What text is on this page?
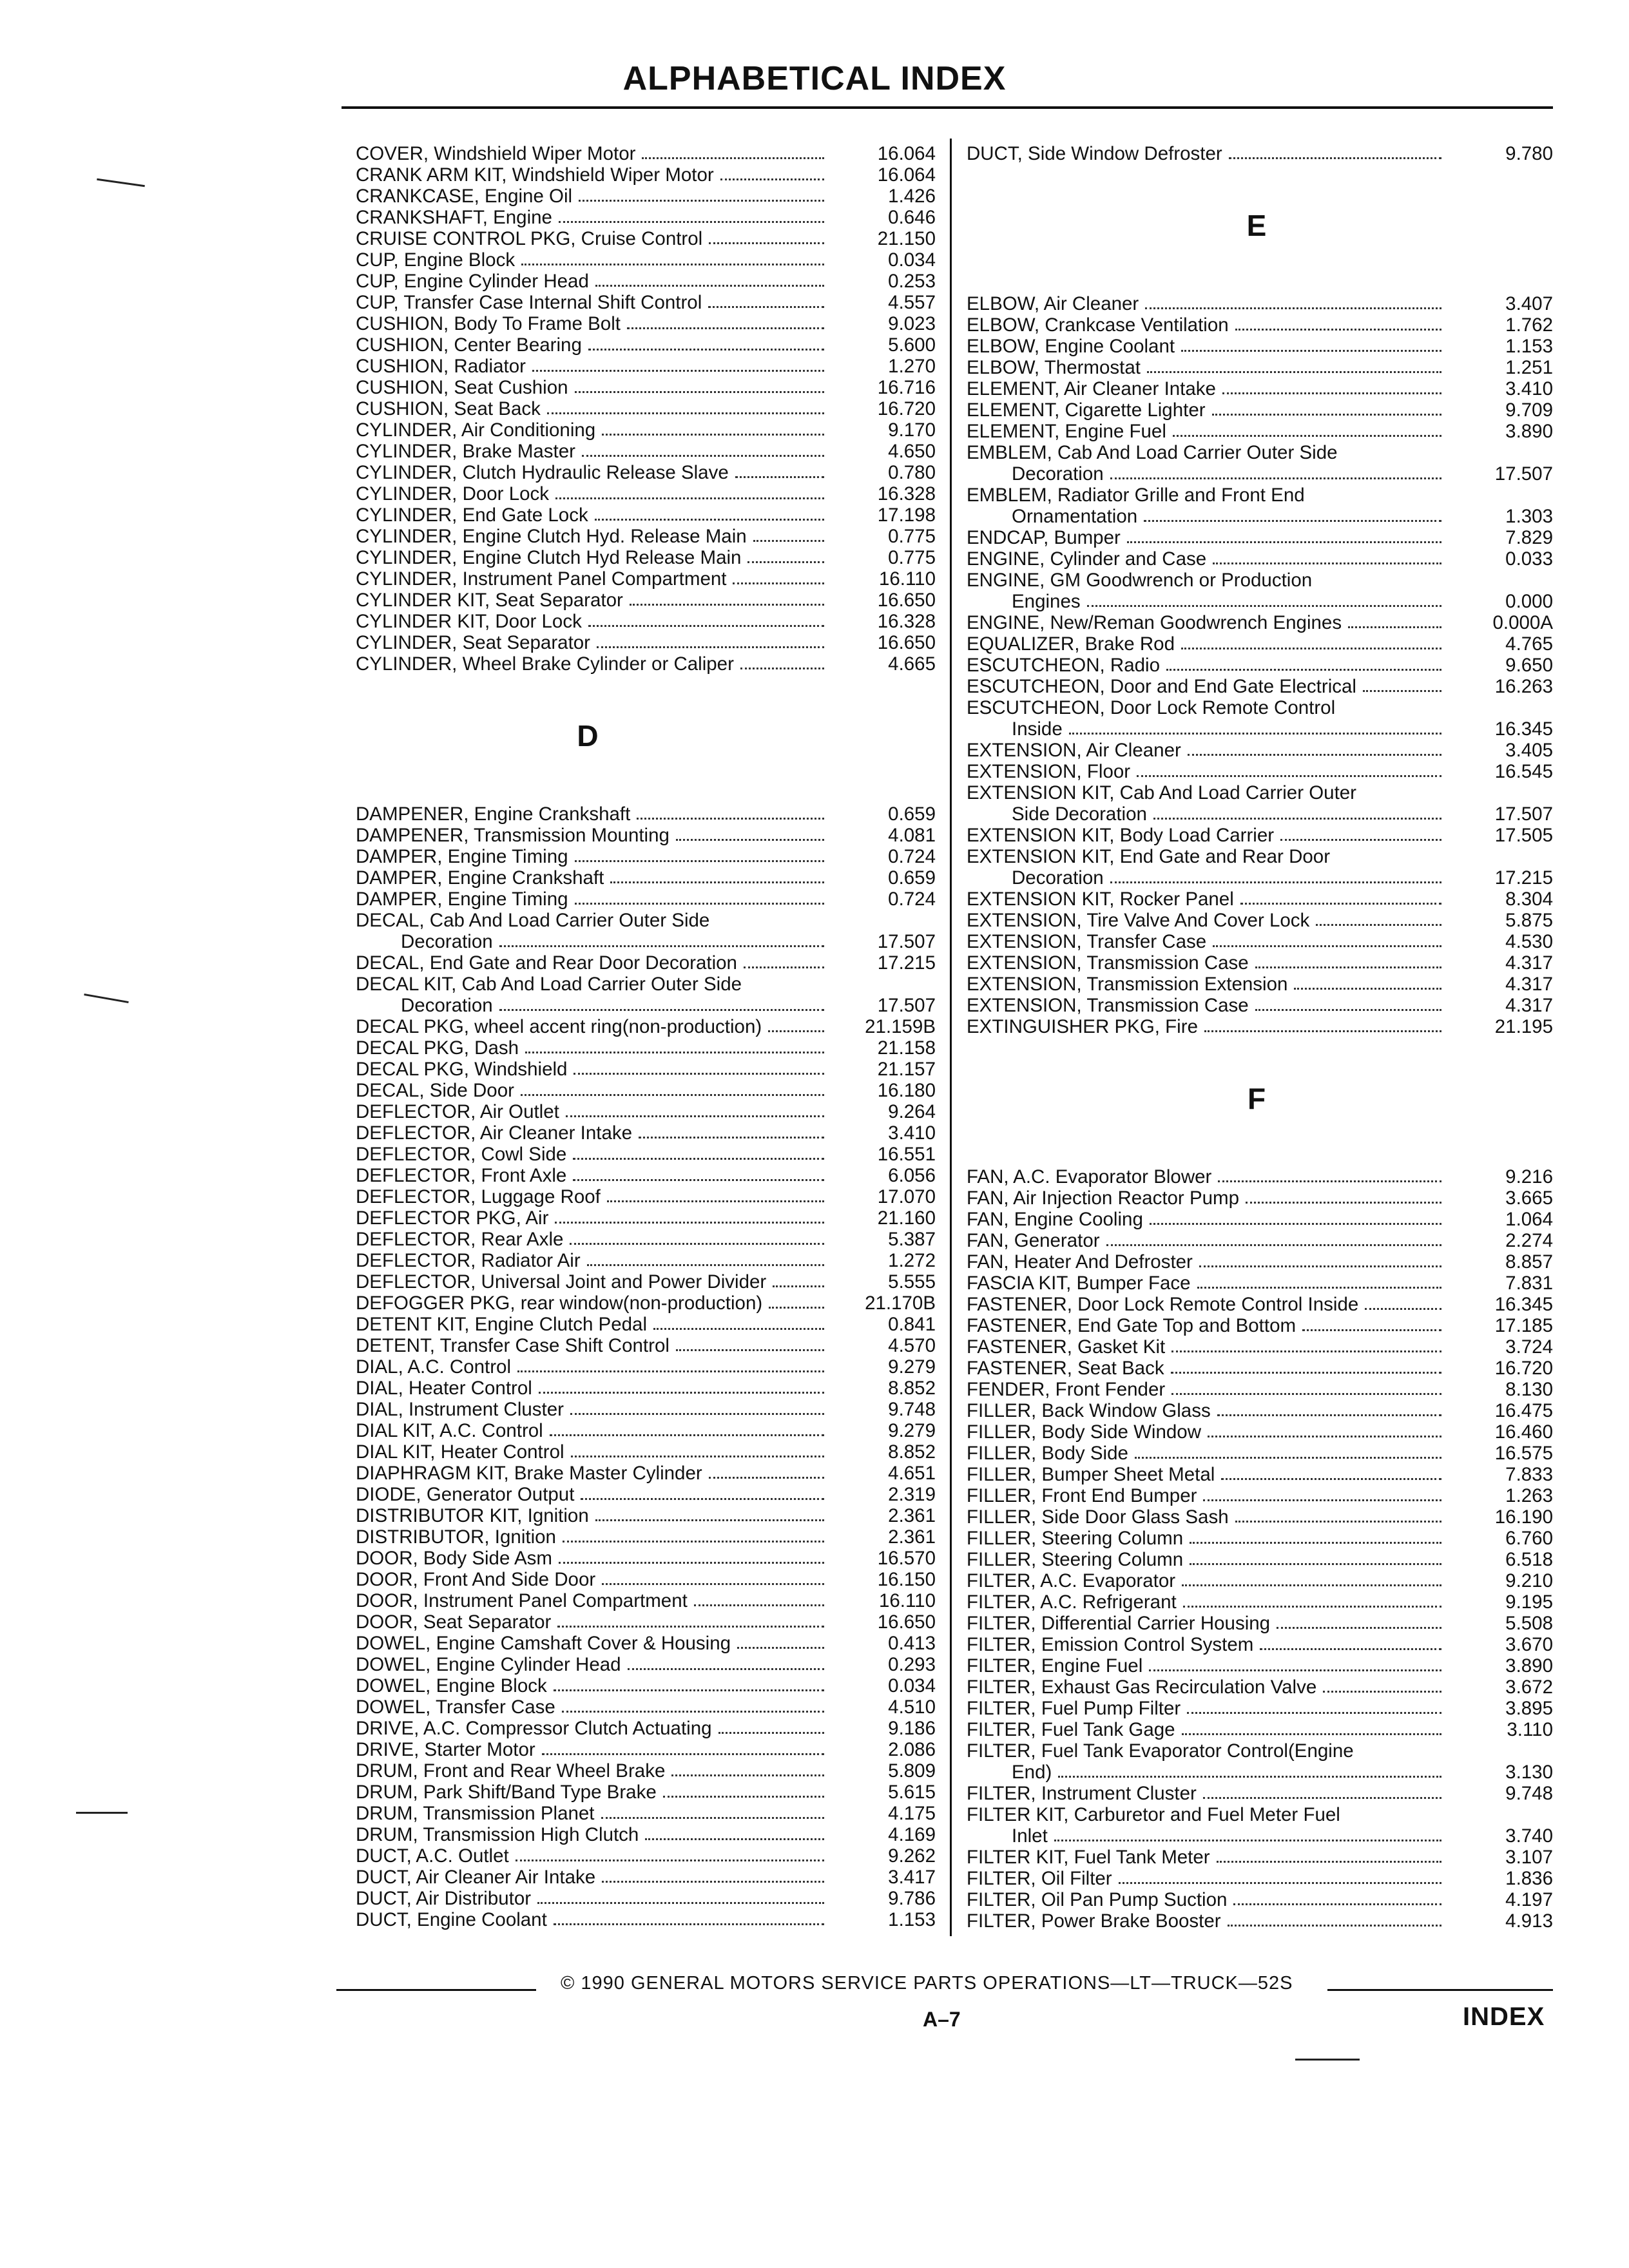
ALPHABETICAL INDEX
COVER, Windshield Wiper Motor	16.064
CRANK ARM KIT, Windshield Wiper Motor	16.064
CRANKCASE, Engine Oil	1.426
CRANKSHAFT, Engine	0.646
CRUISE CONTROL PKG, Cruise Control	21.150
CUP, Engine Block	0.034
CUP, Engine Cylinder Head	0.253
CUP, Transfer Case Internal Shift Control	4.557
CUSHION, Body To Frame Bolt	9.023
CUSHION, Center Bearing	5.600
CUSHION, Radiator	1.270
CUSHION, Seat Cushion	16.716
CUSHION, Seat Back	16.720
CYLINDER, Air Conditioning	9.170
CYLINDER, Brake Master	4.650
CYLINDER, Clutch Hydraulic Release Slave	0.780
CYLINDER, Door Lock	16.328
CYLINDER, End Gate Lock	17.198
CYLINDER, Engine Clutch Hyd. Release Main	0.775
CYLINDER, Engine Clutch Hyd Release Main	0.775
CYLINDER, Instrument Panel Compartment	16.110
CYLINDER KIT, Seat Separator	16.650
CYLINDER KIT, Door Lock	16.328
CYLINDER, Seat Separator	16.650
CYLINDER, Wheel Brake Cylinder or Caliper	4.665
D
DAMPENER, Engine Crankshaft	0.659
DAMPENER, Transmission Mounting	4.081
DAMPER, Engine Timing	0.724
DAMPER, Engine Crankshaft	0.659
DAMPER, Engine Timing	0.724
DECAL, Cab And Load Carrier Outer Side
Decoration	17.507
DECAL, End Gate and Rear Door Decoration	17.215
DECAL KIT, Cab And Load Carrier Outer Side
Decoration	17.507
DECAL PKG, wheel accent ring(non-production)	21.159B
DECAL PKG, Dash	21.158
DECAL PKG, Windshield	21.157
DECAL, Side Door	16.180
DEFLECTOR, Air Outlet	9.264
DEFLECTOR, Air Cleaner Intake	3.410
DEFLECTOR, Cowl Side	16.551
DEFLECTOR, Front Axle	6.056
DEFLECTOR, Luggage Roof	17.070
DEFLECTOR PKG, Air	21.160
DEFLECTOR, Rear Axle	5.387
DEFLECTOR, Radiator Air	1.272
DEFLECTOR, Universal Joint and Power Divider	5.555
DEFOGGER PKG, rear window(non-production)	21.170B
DETENT KIT, Engine Clutch Pedal	0.841
DETENT, Transfer Case Shift Control	4.570
DIAL, A.C. Control	9.279
DIAL, Heater Control	8.852
DIAL, Instrument Cluster	9.748
DIAL KIT, A.C. Control	9.279
DIAL KIT, Heater Control	8.852
DIAPHRAGM KIT, Brake Master Cylinder	4.651
DIODE, Generator Output	2.319
DISTRIBUTOR KIT, Ignition	2.361
DISTRIBUTOR, Ignition	2.361
DOOR, Body Side Asm	16.570
DOOR, Front And Side Door	16.150
DOOR, Instrument Panel Compartment	16.110
DOOR, Seat Separator	16.650
DOWEL, Engine Camshaft Cover & Housing	0.413
DOWEL, Engine Cylinder Head	0.293
DOWEL, Engine Block	0.034
DOWEL, Transfer Case	4.510
DRIVE, A.C. Compressor Clutch Actuating	9.186
DRIVE, Starter Motor	2.086
DRUM, Front and Rear Wheel Brake	5.809
DRUM, Park Shift/Band Type Brake	5.615
DRUM, Transmission Planet	4.175
DRUM, Transmission High Clutch	4.169
DUCT, A.C. Outlet	9.262
DUCT, Air Cleaner Air Intake	3.417
DUCT, Air Distributor	9.786
DUCT, Engine Coolant	1.153
DUCT, Side Window Defroster	9.780
E
ELBOW, Air Cleaner	3.407
ELBOW, Crankcase Ventilation	1.762
ELBOW, Engine Coolant	1.153
ELBOW, Thermostat	1.251
ELEMENT, Air Cleaner Intake	3.410
ELEMENT, Cigarette Lighter	9.709
ELEMENT, Engine Fuel	3.890
EMBLEM, Cab And Load Carrier Outer Side
Decoration	17.507
EMBLEM, Radiator Grille and Front End
Ornamentation	1.303
ENDCAP, Bumper	7.829
ENGINE, Cylinder and Case	0.033
ENGINE, GM Goodwrench or Production
Engines	0.000
ENGINE, New/Reman Goodwrench Engines	0.000A
EQUALIZER, Brake Rod	4.765
ESCUTCHEON, Radio	9.650
ESCUTCHEON, Door and End Gate Electrical	16.263
ESCUTCHEON, Door Lock Remote Control
Inside	16.345
EXTENSION, Air Cleaner	3.405
EXTENSION, Floor	16.545
EXTENSION KIT, Cab And Load Carrier Outer
Side Decoration	17.507
EXTENSION KIT, Body Load Carrier	17.505
EXTENSION KIT, End Gate and Rear Door
Decoration	17.215
EXTENSION KIT, Rocker Panel	8.304
EXTENSION, Tire Valve And Cover Lock	5.875
EXTENSION, Transfer Case	4.530
EXTENSION, Transmission Case	4.317
EXTENSION, Transmission Extension	4.317
EXTENSION, Transmission Case	4.317
EXTINGUISHER PKG, Fire	21.195
F
FAN, A.C. Evaporator Blower	9.216
FAN, Air Injection Reactor Pump	3.665
FAN, Engine Cooling	1.064
FAN, Generator	2.274
FAN, Heater And Defroster	8.857
FASCIA KIT, Bumper Face	7.831
FASTENER, Door Lock Remote Control Inside	16.345
FASTENER, End Gate Top and Bottom	17.185
FASTENER, Gasket Kit	3.724
FASTENER, Seat Back	16.720
FENDER, Front Fender	8.130
FILLER, Back Window Glass	16.475
FILLER, Body Side Window	16.460
FILLER, Body Side	16.575
FILLER, Bumper Sheet Metal	7.833
FILLER, Front End Bumper	1.263
FILLER, Side Door Glass Sash	16.190
FILLER, Steering Column	6.760
FILLER, Steering Column	6.518
FILTER, A.C. Evaporator	9.210
FILTER, A.C. Refrigerant	9.195
FILTER, Differential Carrier Housing	5.508
FILTER, Emission Control System	3.670
FILTER, Engine Fuel	3.890
FILTER, Exhaust Gas Recirculation Valve	3.672
FILTER, Fuel Pump Filter	3.895
FILTER, Fuel Tank Gage	3.110
FILTER, Fuel Tank Evaporator Control(Engine
End)	3.130
FILTER, Instrument Cluster	9.748
FILTER KIT, Carburetor and Fuel Meter Fuel
Inlet	3.740
FILTER KIT, Fuel Tank Meter	3.107
FILTER, Oil Filter	1.836
FILTER, Oil Pan Pump Suction	4.197
FILTER, Power Brake Booster	4.913
© 1990 GENERAL MOTORS SERVICE PARTS OPERATIONS—LT—TRUCK—52S
A–7	INDEX
